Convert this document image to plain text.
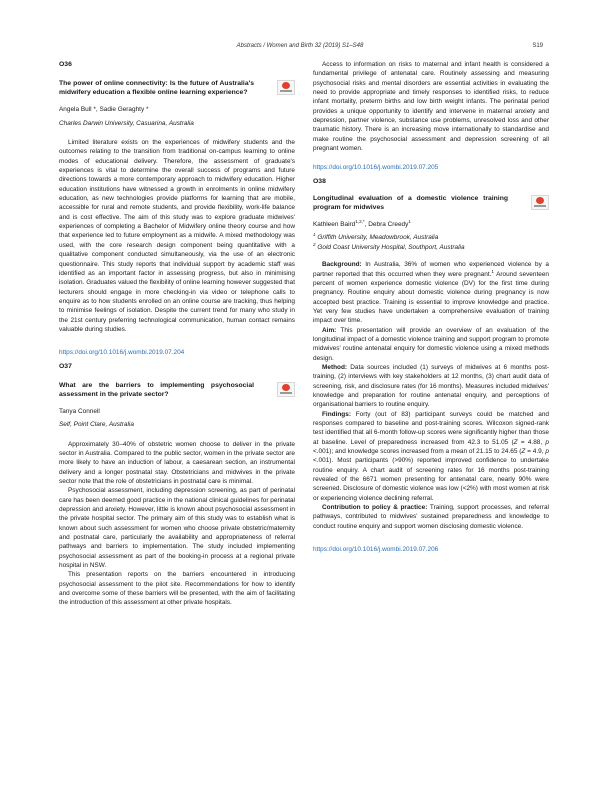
Abstracts / Women and Birth 32 (2019) S1–S48	S19

O36

The power of online connectivity: Is the future of Australia's midwifery education a flexible online learning experience?

Angela Bull *, Sadie Geraghty *

Charles Darwin University, Casuarina, Australia

Limited literature exists on the experiences of midwifery students and the outcomes relating to the transition from traditional on-campus learning to online modes of educational delivery. Therefore, the assessment of graduate's experiences is vital to determine the overall success of programs and future directions towards a more contemporary approach to midwifery education. Higher education institutions have witnessed a growth in enrolments in online midwifery education, as new technologies provide platforms for learning that are mobile, accessible for rural and remote students, and provide flexibility, work-life balance and is cost effective. The aim of this study was to explore graduate midwives' experiences of completing a Bachelor of Midwifery online theory course and how that experience led to future employment as a midwife. A mixed methodology was used, with the core research design component being quantitative with a qualitative component conducted simultaneously, via the use of an electronic questionnaire. This study reports that individual support by academic staff was identified as an important factor in assessing progress, but also in minimising isolation. Graduates valued the flexibility of online learning however suggested that lecturers should engage in more checking-in via video or telephone calls to enquire as to how students enrolled on an online course are tracking, thus helping to minimise feelings of isolation. Despite the current trend for many who study in the 21st century preferring technological communication, human contact remains valuable during studies.

https://doi.org/10.1016/j.wombi.2019.07.204

O37

What are the barriers to implementing psychosocial assessment in the private sector?

Tanya Connell

Self, Point Clare, Australia

Approximately 30–40% of obstetric women choose to deliver in the private sector in Australia. Compared to the public sector, women in the private sector are more likely to have an induction of labour, a caesarean section, an instrumental delivery and a longer postnatal stay. Obstetricians and midwives in the private sector note that the role of obstetricians in postnatal care is minimal.

Psychosocial assessment, including depression screening, as part of perinatal care has been deemed good practice in the national clinical guidelines for perinatal depression and anxiety. However, little is known about psychosocial assessment in the private hospital sector. The primary aim of this study was to establish what is known about such assessment for women who choose private obstetric/maternity and postnatal care, particularly the availability and appropriateness of referral pathways and barriers to implementation. The study included implementing psychosocial assessment as part of the booking-in process at a regional private hospital in NSW.

This presentation reports on the barriers encountered in introducing psychosocial assessment to the pilot site. Recommendations for how to identify and overcome some of these barriers will be presented, with the aim of facilitating the introduction of this assessment at other private hospitals.

Access to information on risks to maternal and infant health is considered a fundamental privilege of antenatal care. Routinely assessing and measuring psychosocial risks and mental disorders are essential activities in evaluating the need to provide appropriate and timely responses to identified risks, to reduce infant mortality, preterm births and low birth weight infants. The perinatal period provides a unique opportunity to identify and intervene in maternal anxiety and depression, partner violence, substance use problems, unresolved loss and other traumatic history. There is an increasing move internationally to standardise and make routine the psychosocial assessment and depression screening of all pregnant women.

https://doi.org/10.1016/j.wombi.2019.07.205

O38

Longitudinal evaluation of a domestic violence training program for midwives

Kathleen Baird$^{1,2,*}$, Debra Creedy$^1$

$^1$ Griffith University, Meadowbrook, Australia

$^2$ Gold Coast University Hospital, Southport, Australia

Background: In Australia, 36% of women who experienced violence by a partner reported that this occurred when they were pregnant.$^1$ Around seventeen percent of women experience domestic violence (DV) for the first time during pregnancy. Routine enquiry about domestic violence during pregnancy is now accepted best practice. Training is essential to improve knowledge and practice. Yet very few studies have undertaken a comprehensive evaluation of training impact over time.

Aim: This presentation will provide an overview of an evaluation of the longitudinal impact of a domestic violence training and support program to promote midwives' routine antenatal enquiry for domestic violence using a mixed methods design.

Method: Data sources included (1) surveys of midwives at 6 months post-training, (2) interviews with key stakeholders at 12 months, (3) chart audit data of screening, risk, and disclosure rates (for 16 months). Measures included midwives' knowledge and preparation for routine antenatal enquiry, and perceptions of organisational barriers to routine enquiry.

Findings: Forty (out of 83) participant surveys could be matched and responses compared to baseline and post-training scores. Wilcoxon signed-rank test identified that all 6-month follow-up scores were significantly higher than those at baseline. Level of preparedness increased from 42.3 to 51.05 (Z = 4.88, p <.001); and knowledge scores increased from a mean of 21.15 to 24.65 (Z = 4.9, p <.001). Most participants (>90%) reported improved confidence to undertake routine enquiry. A chart audit of screening rates for 16 months post-training revealed of the 6671 women presenting for antenatal care, nearly 90% were screened. Disclosure of domestic violence was low (<2%) with most women at risk or experiencing violence declining referral.

Contribution to policy & practice: Training, support processes, and referral pathways, contributed to midwives' sustained preparedness and knowledge to conduct routine enquiry and support women disclosing domestic violence.

https://doi.org/10.1016/j.wombi.2019.07.206
